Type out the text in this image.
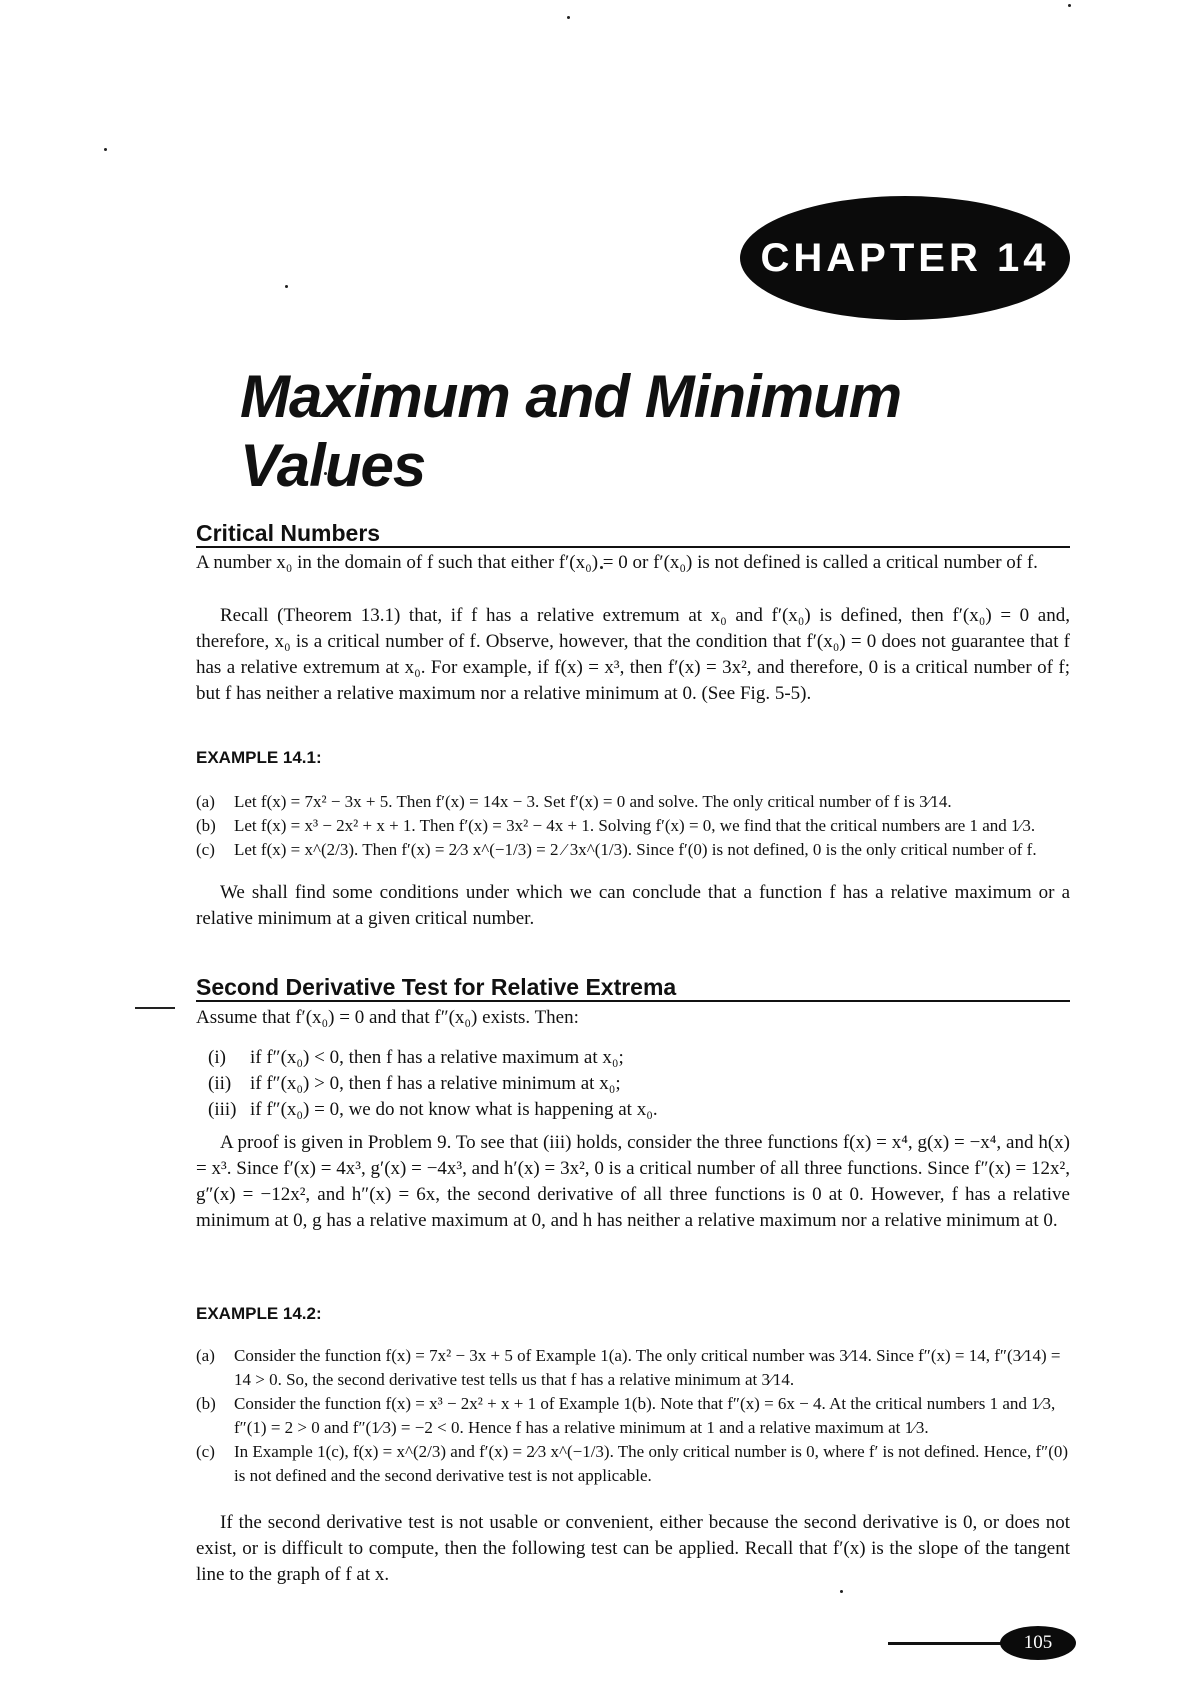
CHAPTER 14
Maximum and Minimum Values
Critical Numbers
A number x₀ in the domain of f such that either f′(x₀) = 0 or f′(x₀) is not defined is called a critical number of f.
Recall (Theorem 13.1) that, if f has a relative extremum at x₀ and f′(x₀) is defined, then f′(x₀) = 0 and, therefore, x₀ is a critical number of f. Observe, however, that the condition that f′(x₀) = 0 does not guarantee that f has a relative extremum at x₀. For example, if f(x) = x³, then f′(x) = 3x², and therefore, 0 is a critical number of f; but f has neither a relative maximum nor a relative minimum at 0. (See Fig. 5-5).
EXAMPLE 14.1:
(a)	Let f(x) = 7x² − 3x + 5. Then f′(x) = 14x − 3. Set f′(x) = 0 and solve. The only critical number of f is 3⁄14.
(b)	Let f(x) = x³ − 2x² + x + 1. Then f′(x) = 3x² − 4x + 1. Solving f′(x) = 0, we find that the critical numbers are 1 and 1⁄3.
(c)	Let f(x) = x^(2/3). Then f′(x) = 2⁄3 x^(−1/3) = 2 ⁄ 3x^(1/3). Since f′(0) is not defined, 0 is the only critical number of f.
We shall find some conditions under which we can conclude that a function f has a relative maximum or a relative minimum at a given critical number.
Second Derivative Test for Relative Extrema
Assume that f′(x₀) = 0 and that f″(x₀) exists. Then:
(i)	if f″(x₀) < 0, then f has a relative maximum at x₀;
(ii) if f″(x₀) > 0, then f has a relative minimum at x₀;
(iii) if f″(x₀) = 0, we do not know what is happening at x₀.
A proof is given in Problem 9. To see that (iii) holds, consider the three functions f(x) = x⁴, g(x) = −x⁴, and h(x) = x³. Since f′(x) = 4x³, g′(x) = −4x³, and h′(x) = 3x², 0 is a critical number of all three functions. Since f″(x) = 12x², g″(x) = −12x², and h″(x) = 6x, the second derivative of all three functions is 0 at 0. However, f has a relative minimum at 0, g has a relative maximum at 0, and h has neither a relative maximum nor a relative minimum at 0.
EXAMPLE 14.2:
(a)	Consider the function f(x) = 7x² − 3x + 5 of Example 1(a). The only critical number was 3⁄14. Since f″(x) = 14, f″(3⁄14) = 14 > 0. So, the second derivative test tells us that f has a relative minimum at 3⁄14.
(b)	Consider the function f(x) = x³ − 2x² + x + 1 of Example 1(b). Note that f″(x) = 6x − 4. At the critical numbers 1 and 1⁄3, f″(1) = 2 > 0 and f″(1⁄3) = −2 < 0. Hence f has a relative minimum at 1 and a relative maximum at 1⁄3.
(c)	In Example 1(c), f(x) = x^(2/3) and f′(x) = 2⁄3 x^(−1/3). The only critical number is 0, where f′ is not defined. Hence, f″(0) is not defined and the second derivative test is not applicable.
If the second derivative test is not usable or convenient, either because the second derivative is 0, or does not exist, or is difficult to compute, then the following test can be applied. Recall that f′(x) is the slope of the tangent line to the graph of f at x.
105
